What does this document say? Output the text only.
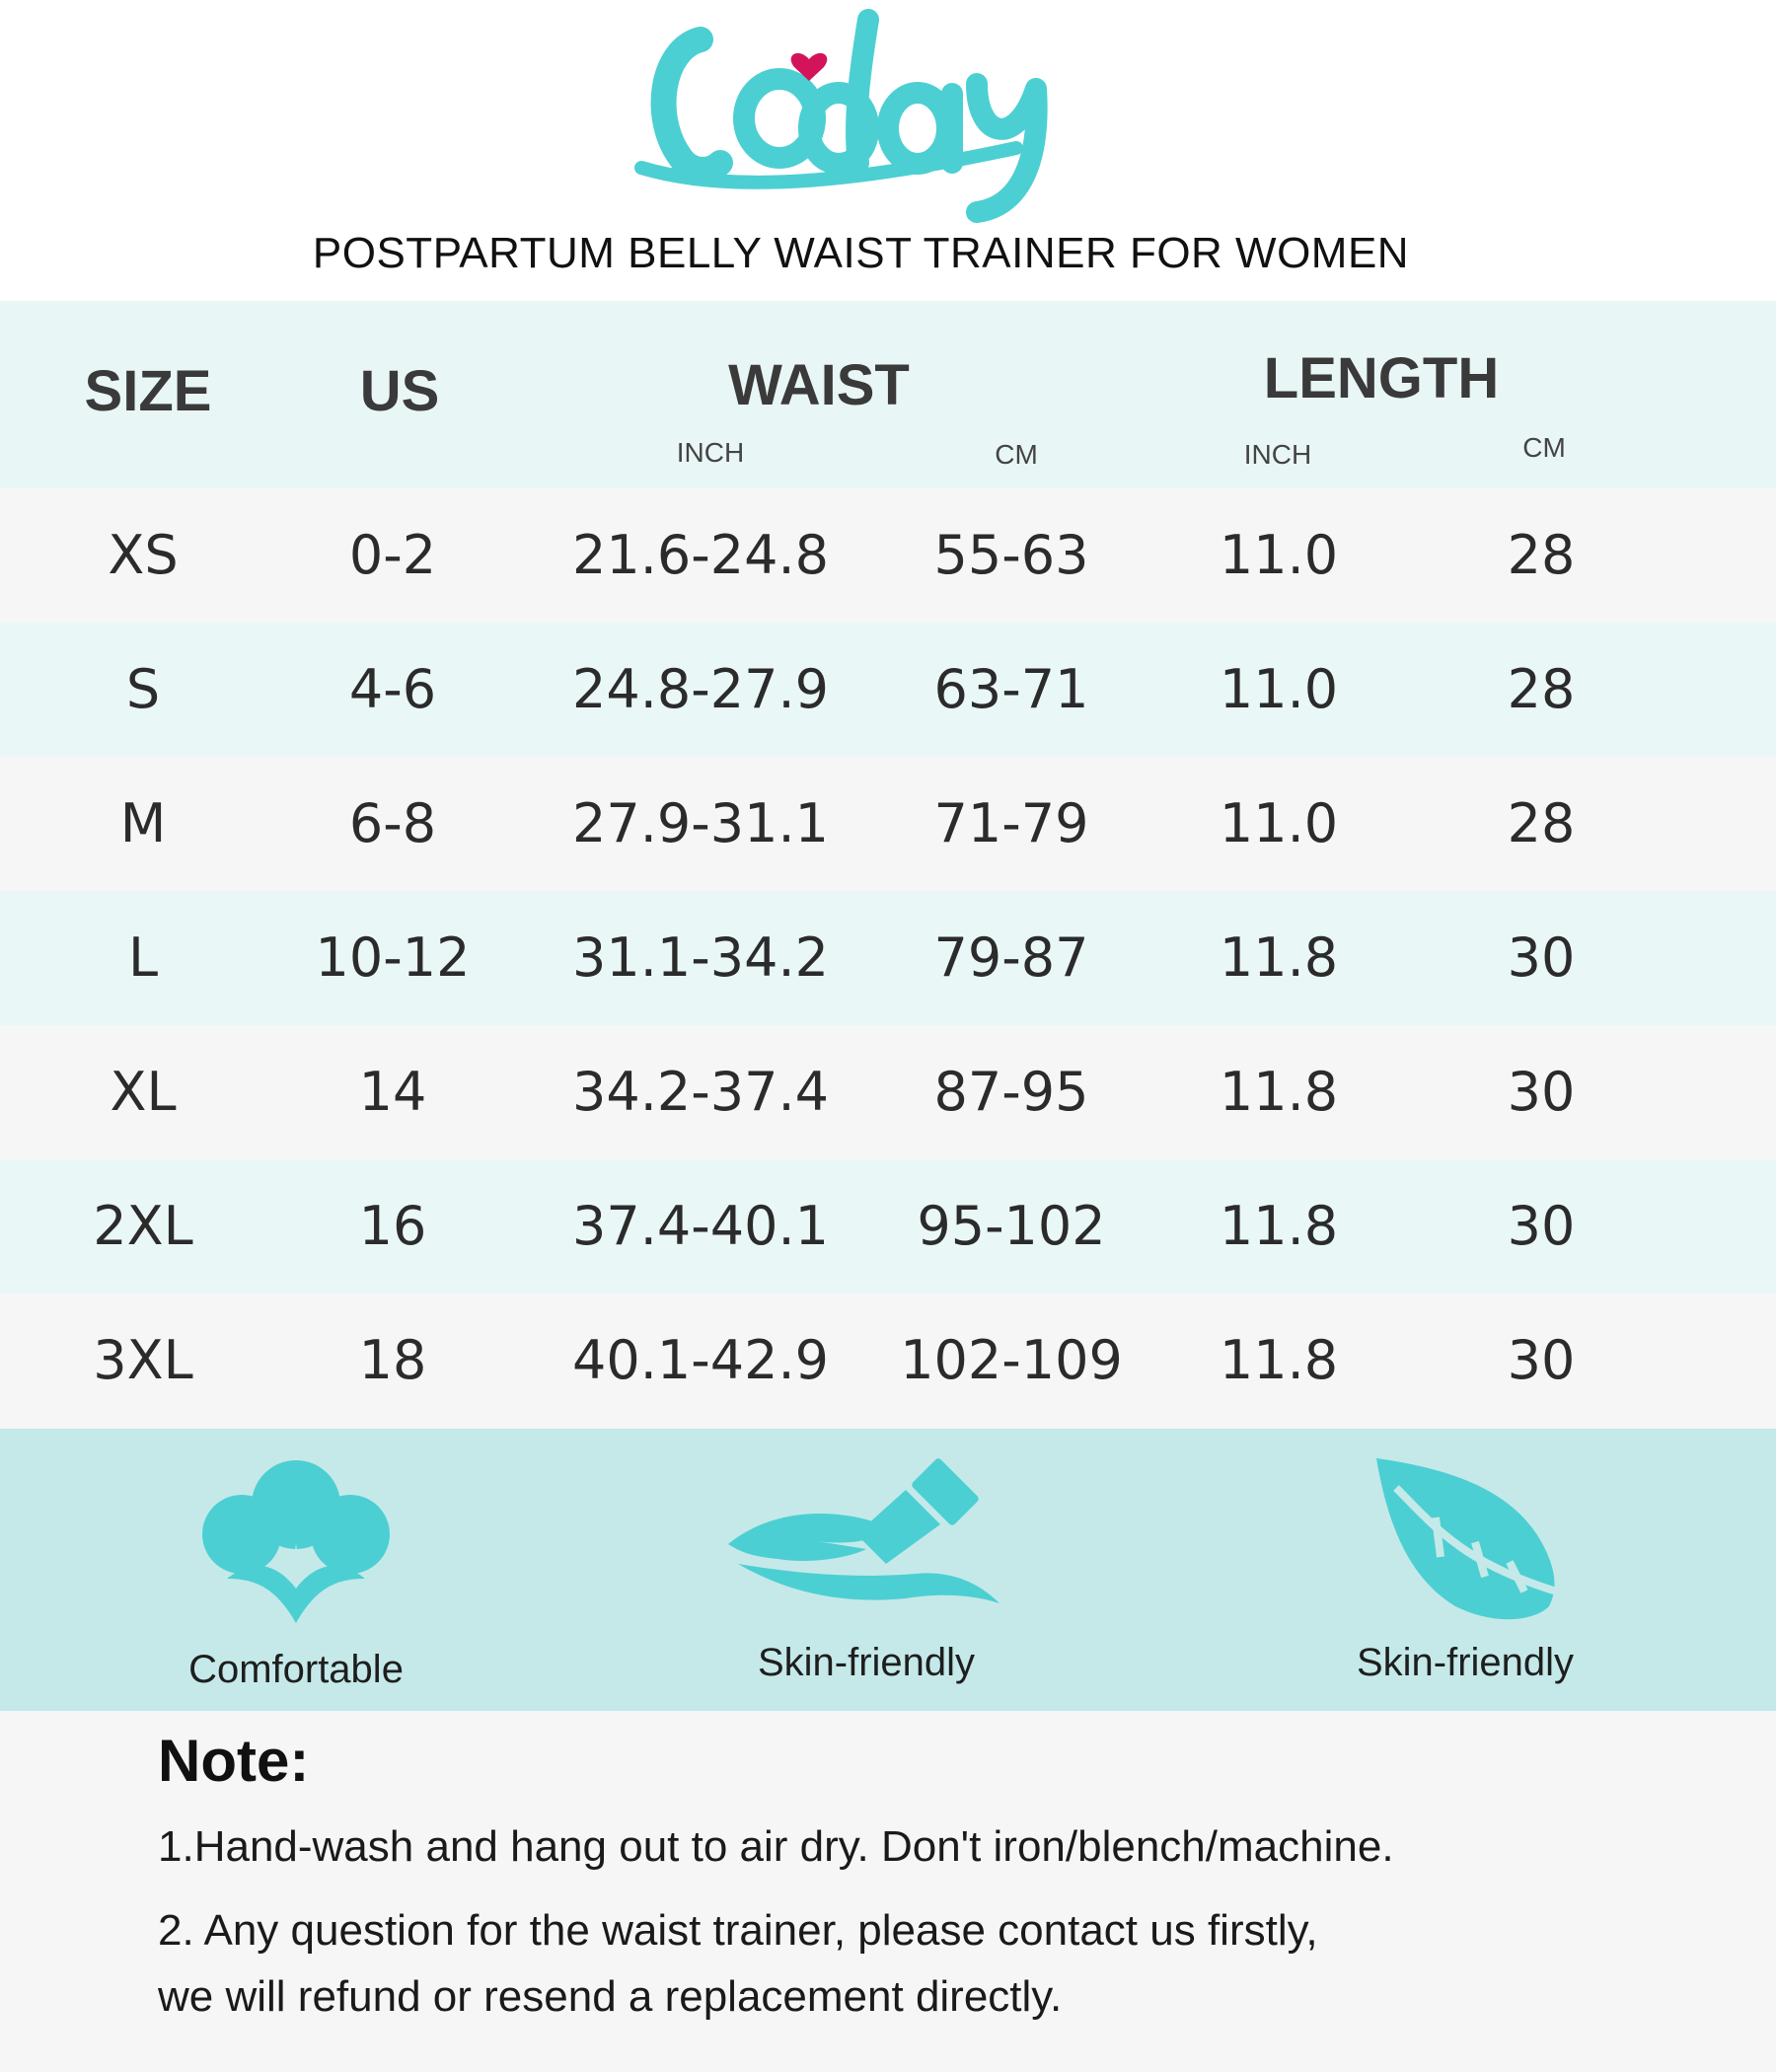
POSTPARTUM BELLY WAIST TRAINER FOR WOMEN
SIZE	US	WAIST	LENGTH
INCH	CM	INCH	CM
XS	0-2	21.6-24.8	55-63	11.0	28
S	4-6	24.8-27.9	63-71	11.0	28
M	6-8	27.9-31.1	71-79	11.0	28
L	10-12	31.1-34.2	79-87	11.8	30
XL	14	34.2-37.4	87-95	11.8	30
2XL	16	37.4-40.1	95-102	11.8	30
3XL	18	40.1-42.9	102-109	11.8	30
Comfortable	Skin-friendly	Skin-friendly
Note:
1.Hand-wash and hang out to air dry. Don't iron/blench/machine.
2. Any question for the waist trainer, please contact us firstly,
we will refund or resend a replacement directly.
